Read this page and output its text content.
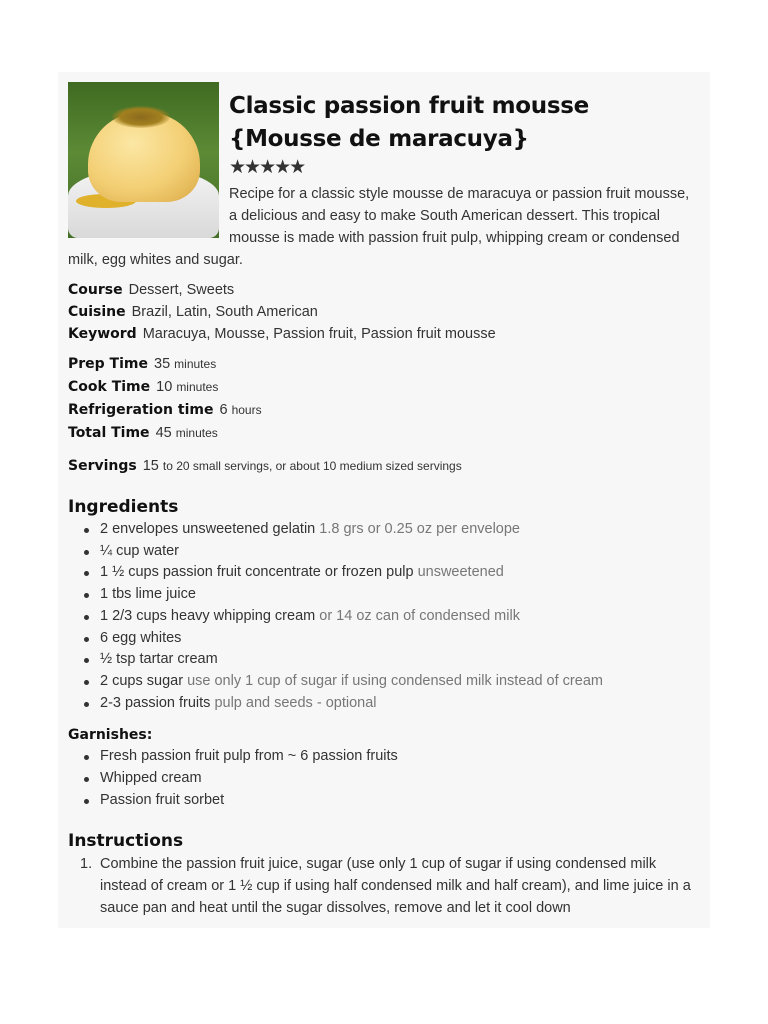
Classic passion fruit mousse {Mousse de maracuya}
★★★★★

Recipe for a classic style mousse de maracuya or passion fruit mousse, a delicious and easy to make South American dessert. This tropical mousse is made with passion fruit pulp, whipping cream or condensed milk, egg whites and sugar.

Course Dessert, Sweets
Cuisine Brazil, Latin, South American
Keyword Maracuya, Mousse, Passion fruit, Passion fruit mousse
Prep Time 35 minutes
Cook Time 10 minutes
Refrigeration time 6 hours
Total Time 45 minutes
Servings 15 to 20 small servings, or about 10 medium sized servings
Ingredients
2 envelopes unsweetened gelatin 1.8 grs or 0.25 oz per envelope
¼ cup water
1 ½ cups passion fruit concentrate or frozen pulp unsweetened
1 tbs lime juice
1 2/3 cups heavy whipping cream or 14 oz can of condensed milk
6 egg whites
½ tsp tartar cream
2 cups sugar use only 1 cup of sugar if using condensed milk instead of cream
2-3 passion fruits pulp and seeds - optional
Garnishes:
Fresh passion fruit pulp from ~ 6 passion fruits
Whipped cream
Passion fruit sorbet
Instructions
1. Combine the passion fruit juice, sugar (use only 1 cup of sugar if using condensed milk instead of cream or 1 ½ cup if using half condensed milk and half cream), and lime juice in a sauce pan and heat until the sugar dissolves, remove and let it cool down
